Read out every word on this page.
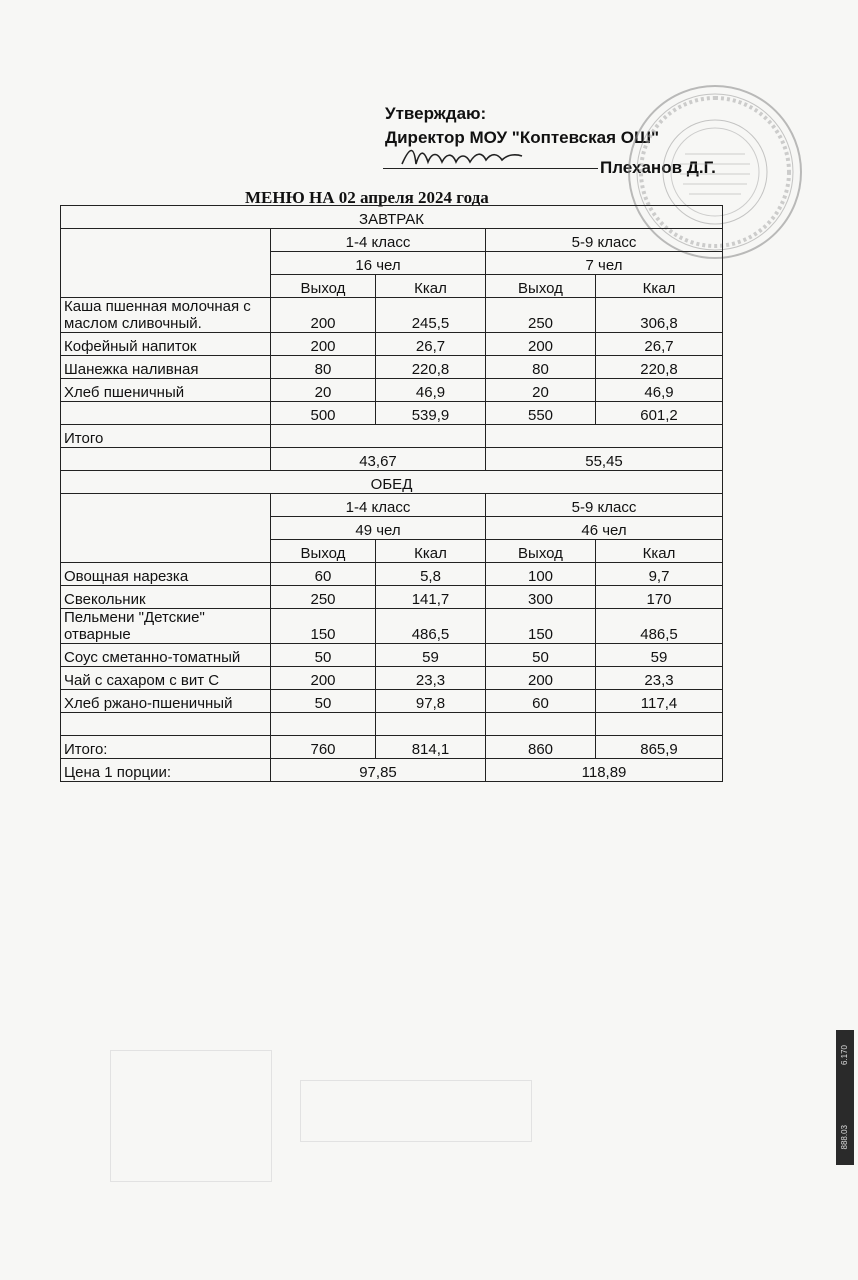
Утверждаю:
Директор МОУ "Коптевская ОШ"
Плеханов Д.Г.
МЕНЮ НА 02 апреля 2024 года
ЗАВТРАК				
	1-4 класс		5-9 класс	
	16 чел		7 чел	
	Выход	Ккал	Выход	Ккал
Каша пшенная молочная с маслом сливочный.	200	245,5	250	306,8
Кофейный напиток	200	26,7	200	26,7
Шанежка наливная	80	220,8	80	220,8
Хлеб пшеничный	20	46,9	20	46,9
	500	539,9	550	601,2
Итого				
	43,67		55,45	
ОБЕД				
	1-4 класс		5-9 класс	
	49 чел		46 чел	
	Выход	Ккал	Выход	Ккал
Овощная нарезка	60	5,8	100	9,7
Свекольник	250	141,7	300	170
Пельмени "Детские" отварные	150	486,5	150	486,5
Соус сметанно-томатный	50	59	50	59
Чай с сахаром с вит С	200	23,3	200	23,3
Хлеб ржано-пшеничный	50	97,8	60	117,4

Итого:	760	814,1	860	865,9
Цена 1 порции:	97,85		118,89	
6.170
888.03
